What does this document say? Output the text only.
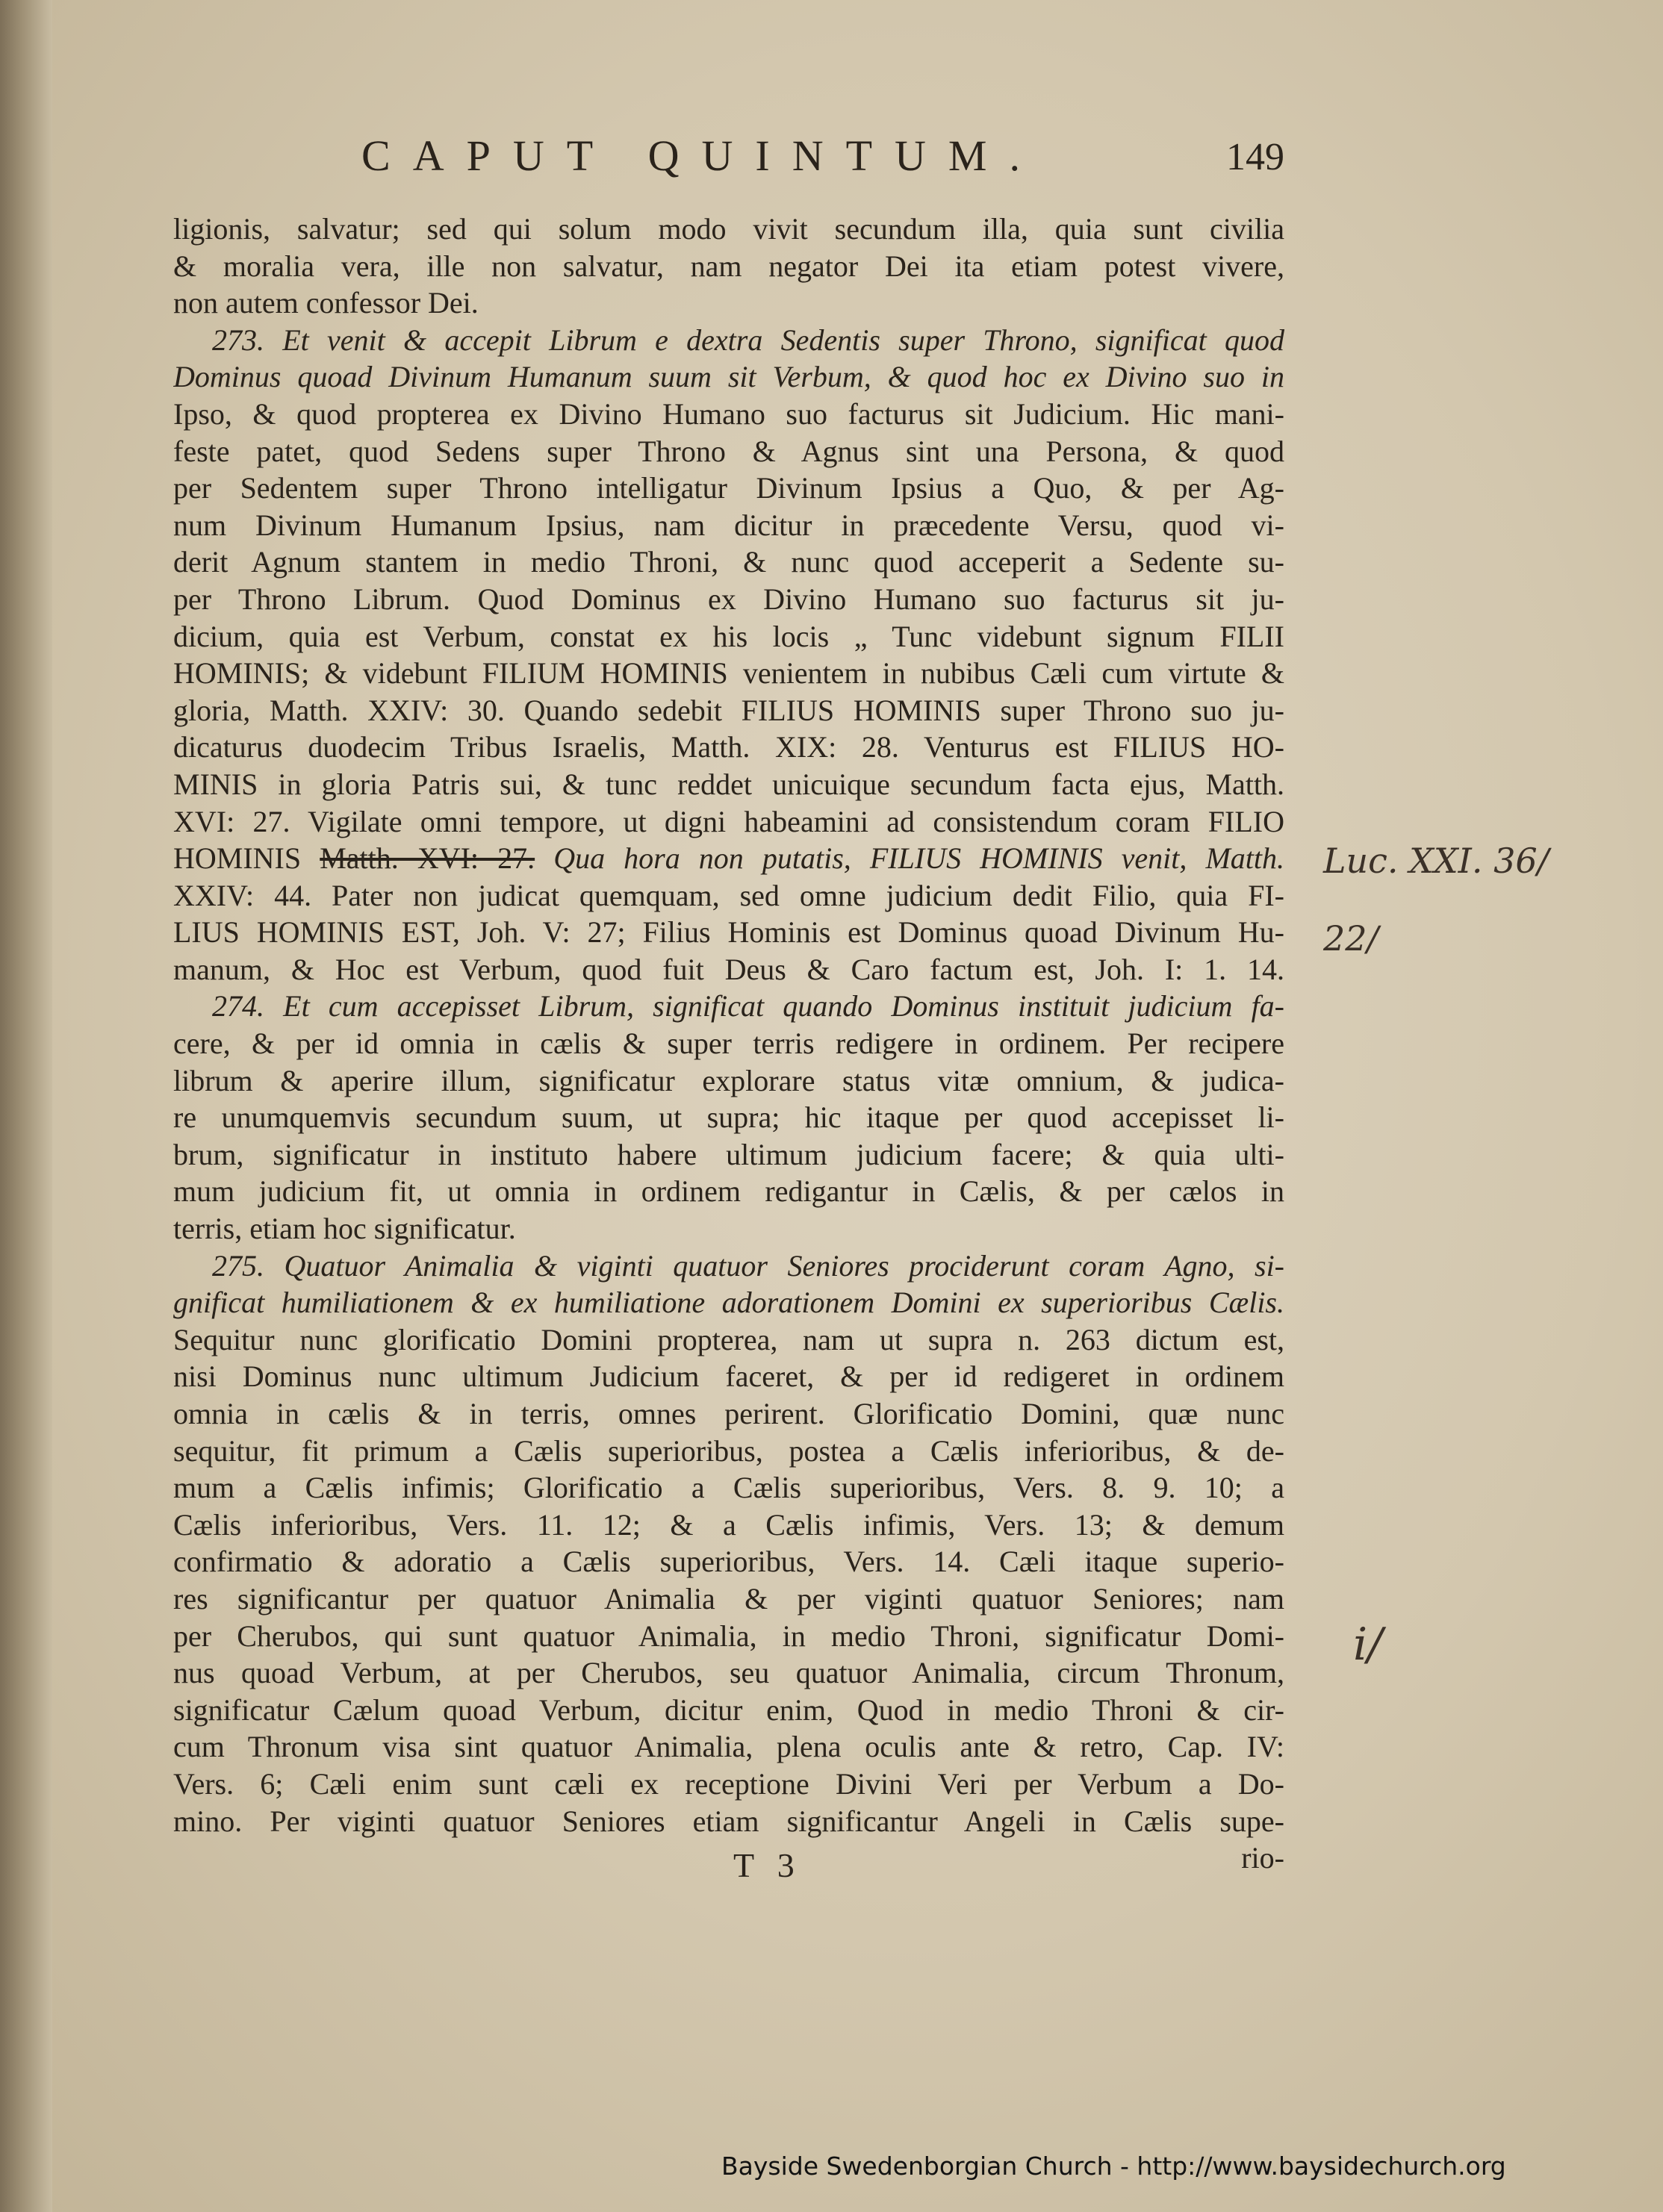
CAPUT QUINTUM.	149
ligionis, salvatur; sed qui solum modo vivit secundum illa, quia sunt civilia
& moralia vera, ille non salvatur, nam negator Dei ita etiam potest vivere,
non autem confessor Dei.
273. Et venit & accepit Librum e dextra Sedentis super Throno, significat quod
Dominus quoad Divinum Humanum suum sit Verbum, & quod hoc ex Divino suo in
Ipso, & quod propterea ex Divino Humano suo facturus sit Judicium. Hic mani-
feste patet, quod Sedens super Throno & Agnus sint una Persona, & quod
per Sedentem super Throno intelligatur Divinum Ipsius a Quo, & per Ag-
num Divinum Humanum Ipsius, nam dicitur in præcedente Versu, quod vi-
derit Agnum stantem in medio Throni, & nunc quod acceperit a Sedente su-
per Throno Librum. Quod Dominus ex Divino Humano suo facturus sit ju-
dicium, quia est Verbum, constat ex his locis „ Tunc videbunt signum FILII
HOMINIS; & videbunt FILIUM HOMINIS venientem in nubibus Cæli cum virtute &
gloria, Matth. XXIV: 30. Quando sedebit FILIUS HOMINIS super Throno suo ju-
dicaturus duodecim Tribus Israelis, Matth. XIX: 28. Venturus est FILIUS HO-
MINIS in gloria Patris sui, & tunc reddet unicuique secundum facta ejus, Matth.
XVI: 27. Vigilate omni tempore, ut digni habeamini ad consistendum coram FILIO
HOMINIS Matth. XVI: 27. Qua hora non putatis, FILIUS HOMINIS venit, Matth.
XXIV: 44. Pater non judicat quemquam, sed omne judicium dedit Filio, quia FI-
LIUS HOMINIS EST, Joh. V: 27; Filius Hominis est Dominus quoad Divinum Hu-
manum, & Hoc est Verbum, quod fuit Deus & Caro factum est, Joh. I: 1. 14.
274. Et cum accepisset Librum, significat quando Dominus instituit judicium fa-
cere, & per id omnia in cælis & super terris redigere in ordinem. Per recipere
librum & aperire illum, significatur explorare status vitæ omnium, & judica-
re unumquemvis secundum suum, ut supra; hic itaque per quod accepisset li-
brum, significatur in instituto habere ultimum judicium facere; & quia ulti-
mum judicium fit, ut omnia in ordinem redigantur in Cælis, & per cælos in
terris, etiam hoc significatur.
275. Quatuor Animalia & viginti quatuor Seniores prociderunt coram Agno, si-
gnificat humiliationem & ex humiliatione adorationem Domini ex superioribus Cælis.
Sequitur nunc glorificatio Domini propterea, nam ut supra n. 263 dictum est,
nisi Dominus nunc ultimum Judicium faceret, & per id redigeret in ordinem
omnia in cælis & in terris, omnes perirent. Glorificatio Domini, quæ nunc
sequitur, fit primum a Cælis superioribus, postea a Cælis inferioribus, & de-
mum a Cælis infimis; Glorificatio a Cælis superioribus, Vers. 8. 9. 10; a
Cælis inferioribus, Vers. 11. 12; & a Cælis infimis, Vers. 13; & demum
confirmatio & adoratio a Cælis superioribus, Vers. 14. Cæli itaque superio-
res significantur per quatuor Animalia & per viginti quatuor Seniores; nam
per Cherubos, qui sunt quatuor Animalia, in medio Throni, significatur Domi-
nus quoad Verbum, at per Cherubos, seu quatuor Animalia, circum Thronum,
significatur Cælum quoad Verbum, dicitur enim, Quod in medio Throni & cir-
cum Thronum visa sint quatuor Animalia, plena oculis ante & retro, Cap. IV:
Vers. 6; Cæli enim sunt cæli ex receptione Divini Veri per Verbum a Do-
mino. Per viginti quatuor Seniores etiam significantur Angeli in Cælis supe-
rio-
T 3
Luc. XXI. 36/
22/
i/
Bayside Swedenborgian Church - http://www.baysidechurch.org
